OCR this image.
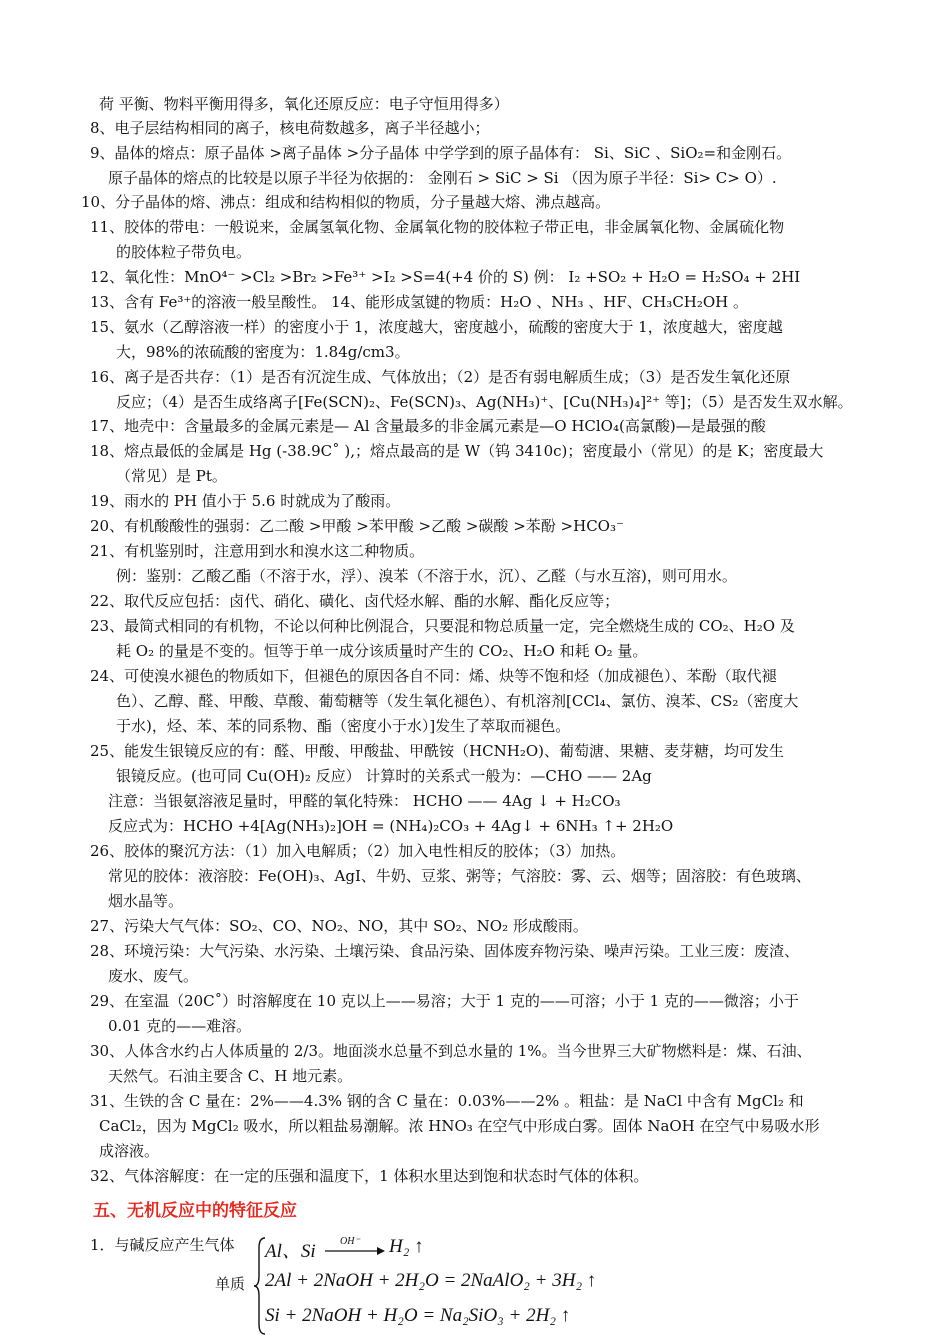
荷 平衡、物料平衡用得多，氧化还原反应：电子守恒用得多）
8、电子层结构相同的离子，核电荷数越多，离子半径越小；
9、晶体的熔点：原子晶体 >离子晶体 >分子晶体 中学学到的原子晶体有： Si、SiC 、SiO₂=和金刚石。
原子晶体的熔点的比较是以原子半径为依据的： 金刚石 > SiC > Si （因为原子半径：Si> C> O）.
10、分子晶体的熔、沸点：组成和结构相似的物质，分子量越大熔、沸点越高。
11、胶体的带电：一般说来，金属氢氧化物、金属氧化物的胶体粒子带正电，非金属氧化物、金属硫化物
的胶体粒子带负电。
12、氧化性：MnO⁴⁻ >Cl₂ >Br₂ >Fe³⁺ >I₂ >S=4(+4 价的 S) 例： I₂ +SO₂ + H₂O = H₂SO₄ + 2HI
13、含有 Fe³⁺的溶液一般呈酸性。 14、能形成氢键的物质：H₂O 、NH₃ 、HF、CH₃CH₂OH 。
15、氨水（乙醇溶液一样）的密度小于 1，浓度越大，密度越小，硫酸的密度大于 1，浓度越大，密度越
大，98%的浓硫酸的密度为：1.84g/cm3。
16、离子是否共存：（1）是否有沉淀生成、气体放出；（2）是否有弱电解质生成；（3）是否发生氧化还原
反应；（4）是否生成络离子[Fe(SCN)₂、Fe(SCN)₃、Ag(NH₃)⁺、[Cu(NH₃)₄]²⁺ 等]；（5）是否发生双水解。
17、地壳中：含量最多的金属元素是— Al 含量最多的非金属元素是—O HClO₄(高氯酸)—是最强的酸
18、熔点最低的金属是 Hg (-38.9C˚ ),；熔点最高的是 W（钨 3410c)；密度最小（常见）的是 K；密度最大
（常见）是 Pt。
19、雨水的 PH 值小于 5.6 时就成为了酸雨。
20、有机酸酸性的强弱：乙二酸 >甲酸 >苯甲酸 >乙酸 >碳酸 >苯酚 >HCO₃⁻
21、有机鉴别时，注意用到水和溴水这二种物质。
例：鉴别：乙酸乙酯（不溶于水，浮）、溴苯（不溶于水，沉）、乙醛（与水互溶)，则可用水。
22、取代反应包括：卤代、硝化、磺化、卤代烃水解、酯的水解、酯化反应等；
23、最简式相同的有机物，不论以何种比例混合，只要混和物总质量一定，完全燃烧生成的 CO₂、H₂O 及
耗 O₂ 的量是不变的。恒等于单一成分该质量时产生的 CO₂、H₂O 和耗 O₂ 量。
24、可使溴水褪色的物质如下，但褪色的原因各自不同：烯、炔等不饱和烃（加成褪色）、苯酚（取代褪
色）、乙醇、醛、甲酸、草酸、葡萄糖等（发生氧化褪色）、有机溶剂[CCl₄、氯仿、溴苯、CS₂（密度大
于水)，烃、苯、苯的同系物、酯（密度小于水）]发生了萃取而褪色。
25、能发生银镜反应的有：醛、甲酸、甲酸盐、甲酰铵（HCNH₂O)、葡萄溏、果糖、麦芽糖，均可发生
银镜反应。(也可同 Cu(OH)₂ 反应） 计算时的关系式一般为：—CHO —— 2Ag
注意：当银氨溶液足量时，甲醛的氧化特殊： HCHO —— 4Ag ↓ + H₂CO₃
反应式为：HCHO +4[Ag(NH₃)₂]OH = (NH₄)₂CO₃ + 4Ag↓ + 6NH₃ ↑+ 2H₂O
26、胶体的聚沉方法：（1）加入电解质；（2）加入电性相反的胶体；（3）加热。
常见的胶体：液溶胶：Fe(OH)₃、AgI、牛奶、豆浆、粥等；气溶胶：雾、云、烟等；固溶胶：有色玻璃、
烟水晶等。
27、污染大气气体：SO₂、CO、NO₂、NO，其中 SO₂、NO₂ 形成酸雨。
28、环境污染：大气污染、水污染、土壤污染、食品污染、固体废弃物污染、噪声污染。工业三废：废渣、
废水、废气。
29、在室温（20C˚）时溶解度在 10 克以上——易溶；大于 1 克的——可溶；小于 1 克的——微溶；小于
0.01 克的——难溶。
30、人体含水约占人体质量的 2/3。地面淡水总量不到总水量的 1%。当今世界三大矿物燃料是：煤、石油、
天然气。石油主要含 C、H 地元素。
31、生铁的含 C 量在：2%——4.3% 钢的含 C 量在：0.03%——2% 。粗盐：是 NaCl 中含有 MgCl₂ 和
CaCl₂，因为 MgCl₂ 吸水，所以粗盐易潮解。浓 HNO₃ 在空气中形成白雾。固体 NaOH 在空气中易吸水形
成溶液。
32、气体溶解度：在一定的压强和温度下，1 体积水里达到饱和状态时气体的体积。
五、无机反应中的特征反应
1．与碱反应产生气体
单质
Al、Si OH⁻ → H₂ ↑
2Al + 2NaOH + 2H₂O = 2NaAlO₂ + 3H₂ ↑
Si + 2NaOH + H₂O = Na₂SiO₃ + 2H₂ ↑
